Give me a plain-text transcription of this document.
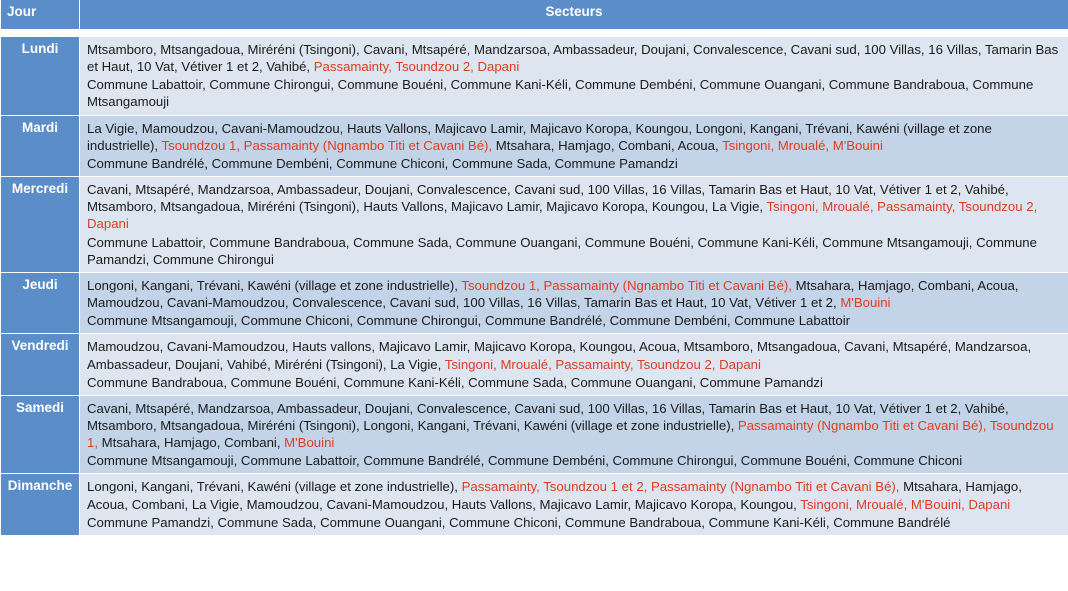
Jour	Secteurs

Lundi	Mtsamboro, Mtsangadoua, Miréréni (Tsingoni), Cavani, Mtsapéré, Mandzarsoa, Ambassadeur, Doujani, Convalescence, Cavani sud, 100 Villas, 16 Villas, Tamarin Bas et Haut, 10 Vat, Vétiver 1 et 2, Vahibé, Passamainty, Tsoundzou 2, Dapani
Commune Labattoir, Commune Chirongui, Commune Bouéni, Commune Kani-Kéli, Commune Dembéni, Commune Ouangani, Commune Bandraboua, Commune Mtsangamouji

Mardi	La Vigie, Mamoudzou, Cavani-Mamoudzou, Hauts Vallons, Majicavo Lamir, Majicavo Koropa, Koungou, Longoni, Kangani, Trévani, Kawéni (village et zone industrielle), Tsoundzou 1, Passamainty (Ngnambo Titi et Cavani Bé), Mtsahara, Hamjago, Combani, Acoua, Tsingoni, Mroualé, M'Bouini
Commune Bandrélé, Commune Dembéni, Commune Chiconi, Commune Sada, Commune Pamandzi

Mercredi	Cavani, Mtsapéré, Mandzarsoa, Ambassadeur, Doujani, Convalescence, Cavani sud, 100 Villas, 16 Villas, Tamarin Bas et Haut, 10 Vat, Vétiver 1 et 2, Vahibé, Mtsamboro, Mtsangadoua, Miréréni (Tsingoni), Hauts Vallons, Majicavo Lamir, Majicavo Koropa, Koungou, La Vigie, Tsingoni, Mroualé, Passamainty, Tsoundzou 2, Dapani
Commune Labattoir, Commune Bandraboua, Commune Sada, Commune Ouangani, Commune Bouéni, Commune Kani-Kéli, Commune Mtsangamouji, Commune Pamandzi, Commune Chirongui

Jeudi	Longoni, Kangani, Trévani, Kawéni (village et zone industrielle), Tsoundzou 1, Passamainty (Ngnambo Titi et Cavani Bé), Mtsahara, Hamjago, Combani, Acoua, Mamoudzou, Cavani-Mamoudzou, Convalescence, Cavani sud, 100 Villas, 16 Villas, Tamarin Bas et Haut, 10 Vat, Vétiver 1 et 2, M'Bouini
Commune Mtsangamouji, Commune Chiconi, Commune Chirongui, Commune Bandrélé, Commune Dembéni, Commune Labattoir

Vendredi	Mamoudzou, Cavani-Mamoudzou, Hauts vallons, Majicavo Lamir, Majicavo Koropa, Koungou, Acoua, Mtsamboro, Mtsangadoua, Cavani, Mtsapéré, Mandzarsoa, Ambassadeur, Doujani, Vahibé, Miréréni (Tsingoni), La Vigie, Tsingoni, Mroualé, Passamainty, Tsoundzou 2, Dapani
Commune Bandraboua, Commune Bouéni, Commune Kani-Kéli, Commune Sada, Commune Ouangani, Commune Pamandzi

Samedi	Cavani, Mtsapéré, Mandzarsoa, Ambassadeur, Doujani, Convalescence, Cavani sud, 100 Villas, 16 Villas, Tamarin Bas et Haut, 10 Vat, Vétiver 1 et 2, Vahibé, Mtsamboro, Mtsangadoua, Miréréni (Tsingoni), Longoni, Kangani, Trévani, Kawéni (village et zone industrielle), Passamainty (Ngnambo Titi et Cavani Bé), Tsoundzou 1, Mtsahara, Hamjago, Combani, M'Bouini
Commune Mtsangamouji, Commune Labattoir, Commune Bandrélé, Commune Dembéni, Commune Chirongui, Commune Bouéni, Commune Chiconi

Dimanche	Longoni, Kangani, Trévani, Kawéni (village et zone industrielle), Passamainty, Tsoundzou 1 et 2, Passamainty (Ngnambo Titi et Cavani Bé), Mtsahara, Hamjago, Acoua, Combani, La Vigie, Mamoudzou, Cavani-Mamoudzou, Hauts Vallons, Majicavo Lamir, Majicavo Koropa, Koungou, Tsingoni, Mroualé, M'Bouini, Dapani
Commune Pamandzi, Commune Sada, Commune Ouangani, Commune Chiconi, Commune Bandraboua, Commune Kani-Kéli, Commune Bandrélé
